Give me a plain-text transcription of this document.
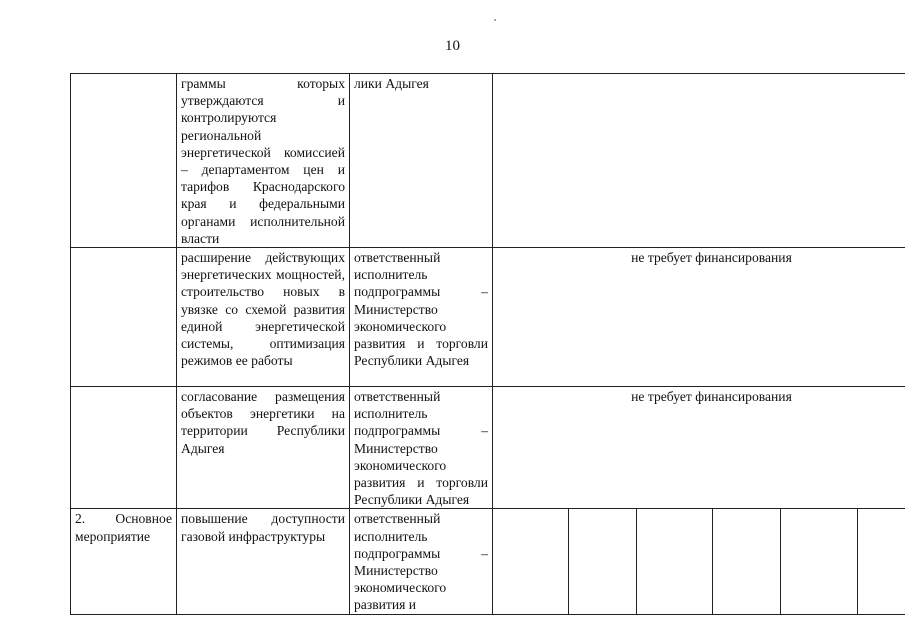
10
	граммы которых утверждаются и контролируются региональной энергетической комиссией – департаментом цен и тарифов Краснодарского края и федеральными органами исполнительной власти	лики Адыгея						
	расширение действующих энергетических мощностей, строительство новых в увязке со схемой развития единой энергетической системы, оптимизация режимов ее работы	ответственный исполнитель подпрограммы – Министерство экономического развития и торговли Республики Адыгея	не требует финансирования					
	согласование размещения объектов энергетики на территории Республики Адыгея	ответственный исполнитель подпрограммы – Министерство экономического развития и торговли Республики Адыгея	не требует финансирования					
2. Основное мероприятие	повышение доступности газовой инфраструктуры	ответственный исполнитель подпрограммы – Министерство экономического развития и						
